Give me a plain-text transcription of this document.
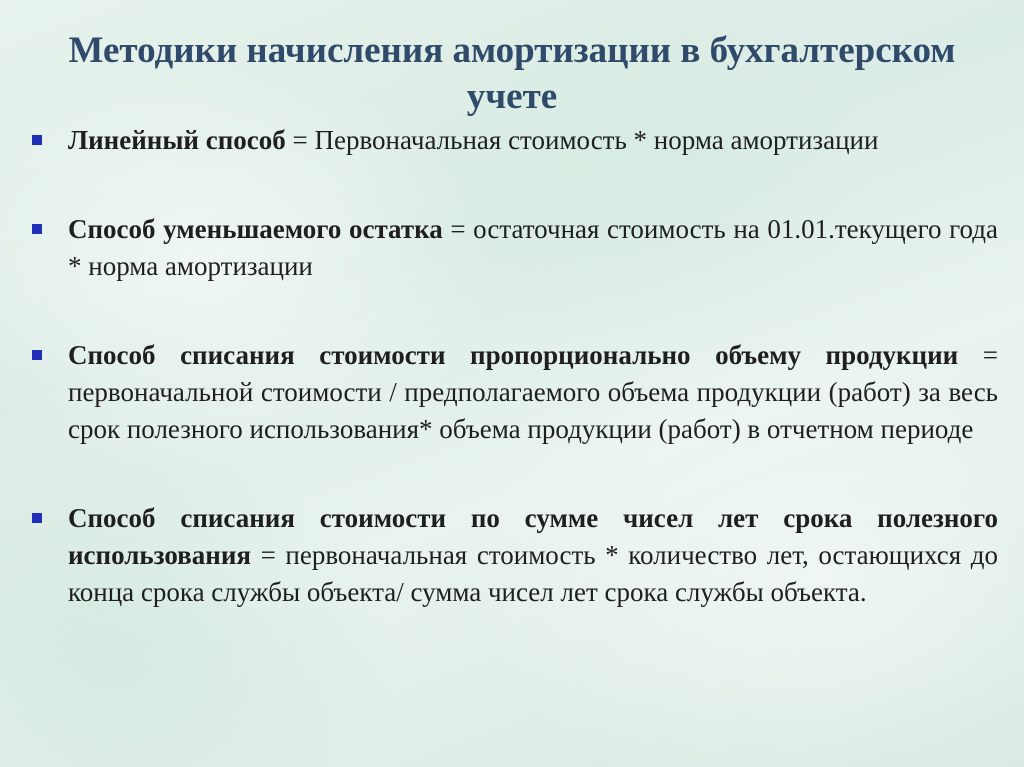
Методики начисления амортизации в бухгалтерском
учете
Линейный способ = Первоначальная стоимость * норма амортизации
Способ уменьшаемого остатка = остаточная стоимость на 01.01.текущего года * норма амортизации
Способ списания стоимости пропорционально объему продукции = первоначальной стоимости / предполагаемого объема продукции (работ) за весь срок полезного использования* объема продукции (работ) в отчетном периоде
Способ списания стоимости по сумме чисел лет срока полезного использования = первоначальная стоимость * количество лет, остающихся до конца срока службы объекта/ сумма чисел лет срока службы объекта.
